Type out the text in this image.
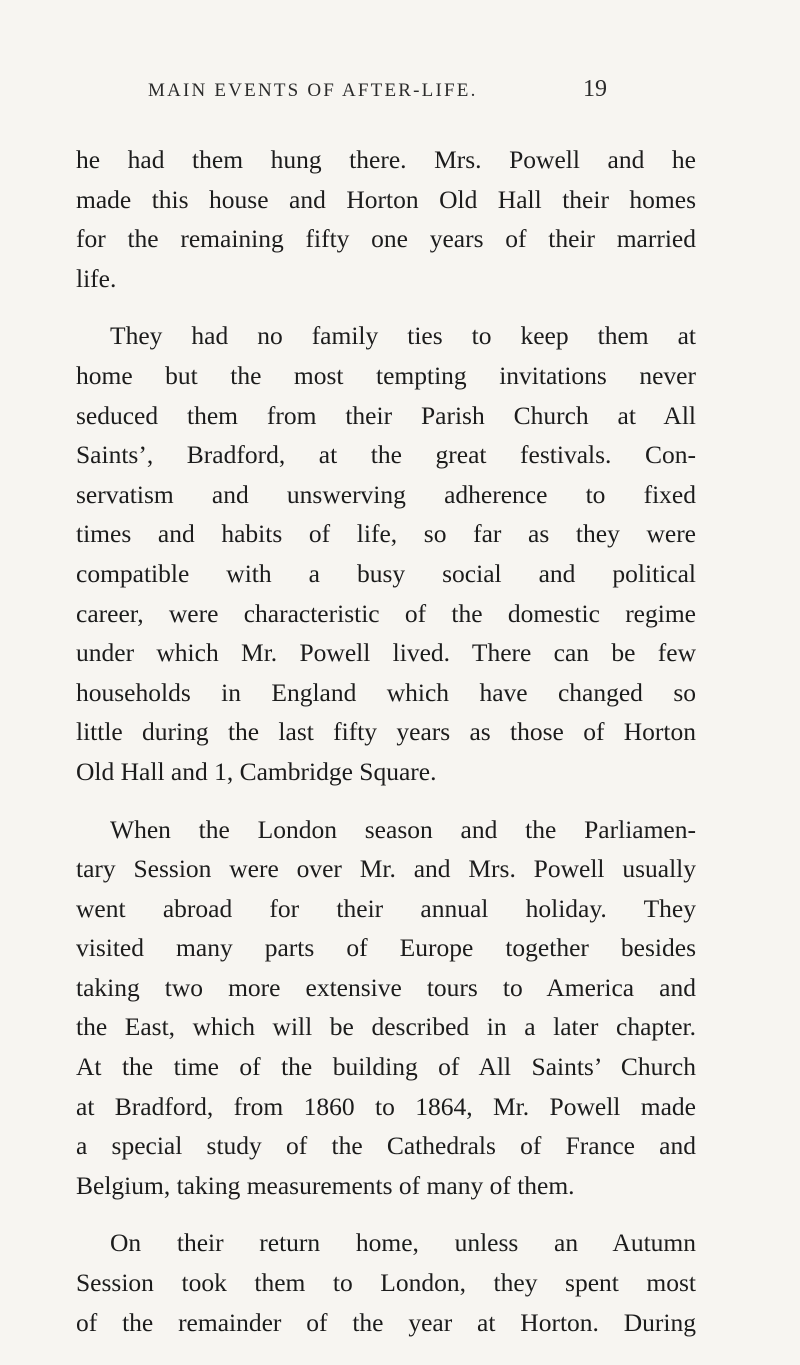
MAIN EVENTS OF AFTER-LIFE.	19
he had them hung there. Mrs. Powell and he
made this house and Horton Old Hall their homes
for the remaining fifty one years of their married
life.
They had no family ties to keep them at
home but the most tempting invitations never
seduced them from their Parish Church at All
Saints’, Bradford, at the great festivals. Con-
servatism and unswerving adherence to fixed
times and habits of life, so far as they were
compatible with a busy social and political
career, were characteristic of the domestic regime
under which Mr. Powell lived. There can be few
households in England which have changed so
little during the last fifty years as those of Horton
Old Hall and 1, Cambridge Square.
When the London season and the Parliamen-
tary Session were over Mr. and Mrs. Powell usually
went abroad for their annual holiday. They
visited many parts of Europe together besides
taking two more extensive tours to America and
the East, which will be described in a later chapter.
At the time of the building of All Saints’ Church
at Bradford, from 1860 to 1864, Mr. Powell made
a special study of the Cathedrals of France and
Belgium, taking measurements of many of them.
On their return home, unless an Autumn
Session took them to London, they spent most
of the remainder of the year at Horton. During
